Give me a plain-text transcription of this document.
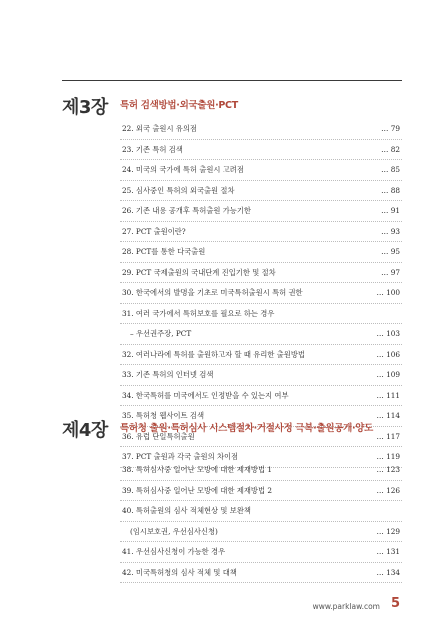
제3장 특허 검색방법·외국출원·PCT
22. 외국 출원시 유의점	… 79
23. 기존 특허 검색	… 82
24. 미국의 국가에 특허 출원시 고려점	… 85
25. 심사중인 특허의 외국출원 절차	… 88
26. 기존 내용 공개후 특허출원 가능기한	… 91
27. PCT 출원이란?	… 93
28. PCT를 통한 다국출원	… 95
29. PCT 국제출원의 국내단계 진입기한 및 절차	… 97
30. 한국에서의 발명을 기초로 미국특허출원시 특허 권한	… 100
31. 여러 국가에서 특허보호를 필요로 하는 경우
– 우선권주장, PCT	… 103
32. 여러나라에 특허를 출원하고자 할 때 유리한 출원방법	… 106
33. 기존 특허의 인터넷 검색	… 109
34. 한국특허를 미국에서도 인정받을 수 있는지 여부	… 111
35. 특허청 웹사이트 검색	… 114
36. 유럽 단일특허출원	… 117
37. PCT 출원과 각국 출원의 차이점	… 119
제4장 특허청 출원·특허심사 시스템절차·거절사정 극복·출원공개·양도
38. 특허심사중 일어난 모방에 대한 제재방법 1	… 123
39. 특허심사중 일어난 모방에 대한 제재방법 2	… 126
40. 특허출원의 심사 적체현상 및 보완책
(임시보호권, 우선심사신청)	… 129
41. 우선심사신청이 가능한 경우	… 131
42. 미국특허청의 심사 적체 및 대책	… 134
www.parklaw.com 5
